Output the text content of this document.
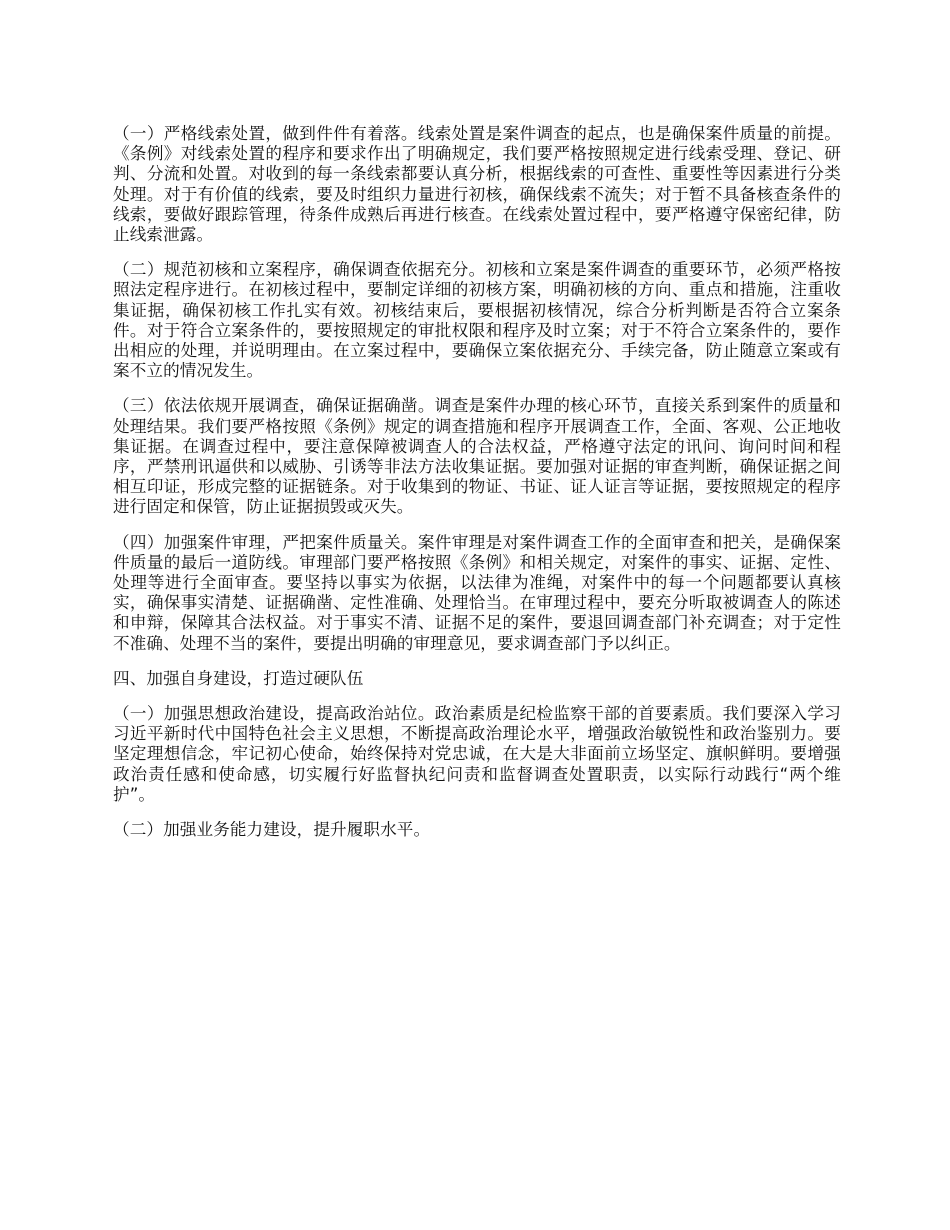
（一）严格线索处置，做到件件有着落。线索处置是案件调查的起点，也是确保案件质量的前提。《条例》对线索处置的程序和要求作出了明确规定，我们要严格按照规定进行线索受理、登记、研判、分流和处置。对收到的每一条线索都要认真分析，根据线索的可查性、重要性等因素进行分类处理。对于有价值的线索，要及时组织力量进行初核，确保线索不流失；对于暂不具备核查条件的线索，要做好跟踪管理，待条件成熟后再进行核查。在线索处置过程中，要严格遵守保密纪律，防止线索泄露。

（二）规范初核和立案程序，确保调查依据充分。初核和立案是案件调查的重要环节，必须严格按照法定程序进行。在初核过程中，要制定详细的初核方案，明确初核的方向、重点和措施，注重收集证据，确保初核工作扎实有效。初核结束后，要根据初核情况，综合分析判断是否符合立案条件。对于符合立案条件的，要按照规定的审批权限和程序及时立案；对于不符合立案条件的，要作出相应的处理，并说明理由。在立案过程中，要确保立案依据充分、手续完备，防止随意立案或有案不立的情况发生。

（三）依法依规开展调查，确保证据确凿。调查是案件办理的核心环节，直接关系到案件的质量和处理结果。我们要严格按照《条例》规定的调查措施和程序开展调查工作，全面、客观、公正地收集证据。在调查过程中，要注意保障被调查人的合法权益，严格遵守法定的讯问、询问时间和程序，严禁刑讯逼供和以威胁、引诱等非法方法收集证据。要加强对证据的审查判断，确保证据之间相互印证，形成完整的证据链条。对于收集到的物证、书证、证人证言等证据，要按照规定的程序进行固定和保管，防止证据损毁或灭失。

（四）加强案件审理，严把案件质量关。案件审理是对案件调查工作的全面审查和把关，是确保案件质量的最后一道防线。审理部门要严格按照《条例》和相关规定，对案件的事实、证据、定性、处理等进行全面审查。要坚持以事实为依据，以法律为准绳，对案件中的每一个问题都要认真核实，确保事实清楚、证据确凿、定性准确、处理恰当。在审理过程中，要充分听取被调查人的陈述和申辩，保障其合法权益。对于事实不清、证据不足的案件，要退回调查部门补充调查；对于定性不准确、处理不当的案件，要提出明确的审理意见，要求调查部门予以纠正。

四、加强自身建设，打造过硬队伍

（一）加强思想政治建设，提高政治站位。政治素质是纪检监察干部的首要素质。我们要深入学习习近平新时代中国特色社会主义思想，不断提高政治理论水平，增强政治敏锐性和政治鉴别力。要坚定理想信念，牢记初心使命，始终保持对党忠诚，在大是大非面前立场坚定、旗帜鲜明。要增强政治责任感和使命感，切实履行好监督执纪问责和监督调查处置职责，以实际行动践行“两个维护”。

（二）加强业务能力建设，提升履职水平。
